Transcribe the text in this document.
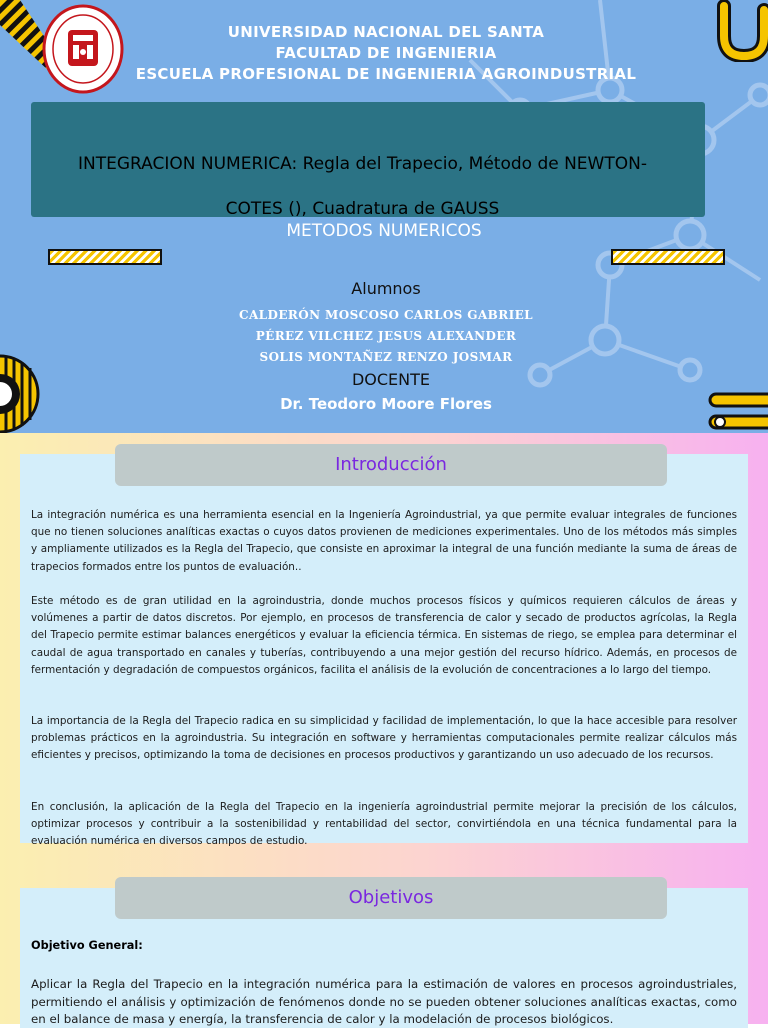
UNIVERSIDAD NACIONAL DEL SANTA
FACULTAD DE INGENIERIA
ESCUELA PROFESIONAL DE INGENIERIA AGROINDUSTRIAL
INTEGRACION NUMERICA: Regla del Trapecio, Método de NEWTON-
COTES (), Cuadratura de GAUSS
METODOS NUMERICOS
Alumnos
CALDERÓN MOSCOSO CARLOS GABRIEL
PÉREZ VILCHEZ JESUS ALEXANDER
SOLIS MONTAÑEZ RENZO JOSMAR
DOCENTE
Dr. Teodoro Moore Flores
Introducción
La integración numérica es una herramienta esencial en la Ingeniería Agroindustrial, ya que permite evaluar integrales de funciones que no tienen soluciones analíticas exactas o cuyos datos provienen de mediciones experimentales. Uno de los métodos más simples y ampliamente utilizados es la Regla del Trapecio, que consiste en aproximar la integral de una función mediante la suma de áreas de trapecios formados entre los puntos de evaluación..
Este método es de gran utilidad en la agroindustria, donde muchos procesos físicos y químicos requieren cálculos de áreas y volúmenes a partir de datos discretos. Por ejemplo, en procesos de transferencia de calor y secado de productos agrícolas, la Regla del Trapecio permite estimar balances energéticos y evaluar la eficiencia térmica. En sistemas de riego, se emplea para determinar el caudal de agua transportado en canales y tuberías, contribuyendo a una mejor gestión del recurso hídrico. Además, en procesos de fermentación y degradación de compuestos orgánicos, facilita el análisis de la evolución de concentraciones a lo largo del tiempo.
La importancia de la Regla del Trapecio radica en su simplicidad y facilidad de implementación, lo que la hace accesible para resolver problemas prácticos en la agroindustria. Su integración en software y herramientas computacionales permite realizar cálculos más eficientes y precisos, optimizando la toma de decisiones en procesos productivos y garantizando un uso adecuado de los recursos.
En conclusión, la aplicación de la Regla del Trapecio en la ingeniería agroindustrial permite mejorar la precisión de los cálculos, optimizar procesos y contribuir a la sostenibilidad y rentabilidad del sector, convirtiéndola en una técnica fundamental para la evaluación numérica en diversos campos de estudio.
Objetivos
Objetivo General:
Aplicar la Regla del Trapecio en la integración numérica para la estimación de valores en procesos agroindustriales, permitiendo el análisis y optimización de fenómenos donde no se pueden obtener soluciones analíticas exactas, como en el balance de masa y energía, la transferencia de calor y la modelación de procesos biológicos.
